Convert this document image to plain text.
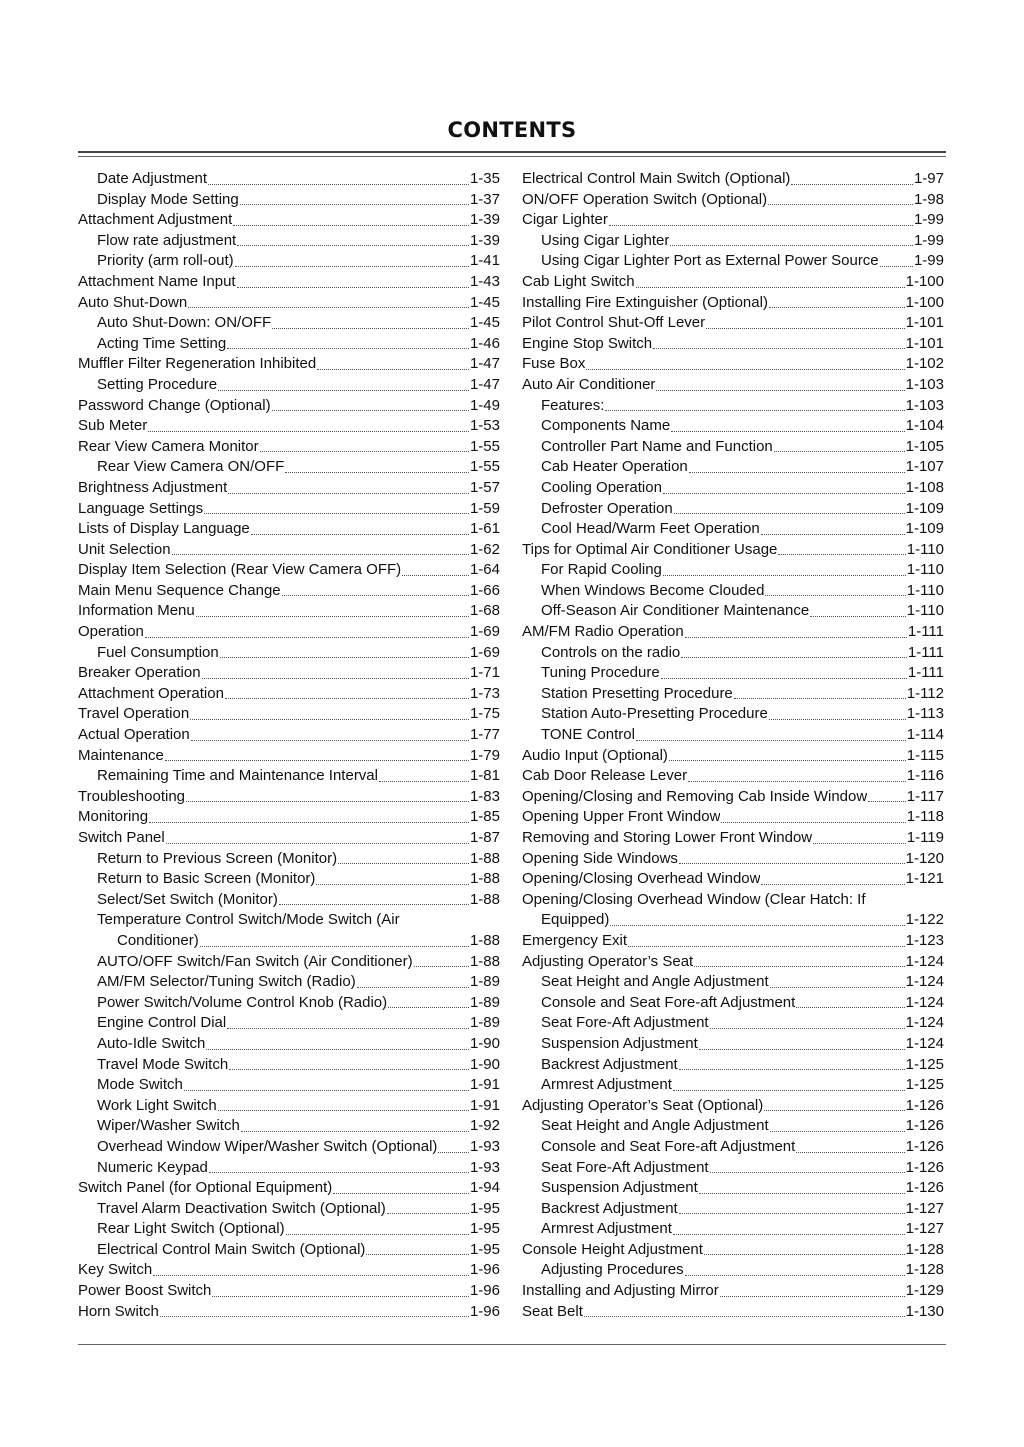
CONTENTS
Date Adjustment	1-35
Display Mode Setting	1-37
Attachment Adjustment	1-39
Flow rate adjustment	1-39
Priority (arm roll-out)	1-41
Attachment Name Input	1-43
Auto Shut-Down	1-45
Auto Shut-Down: ON/OFF	1-45
Acting Time Setting	1-46
Muffler Filter Regeneration Inhibited	1-47
Setting Procedure	1-47
Password Change (Optional)	1-49
Sub Meter	1-53
Rear View Camera Monitor	1-55
Rear View Camera ON/OFF	1-55
Brightness Adjustment	1-57
Language Settings	1-59
Lists of Display Language	1-61
Unit Selection	1-62
Display Item Selection (Rear View Camera OFF)	1-64
Main Menu Sequence Change	1-66
Information Menu	1-68
Operation	1-69
Fuel Consumption	1-69
Breaker Operation	1-71
Attachment Operation	1-73
Travel Operation	1-75
Actual Operation	1-77
Maintenance	1-79
Remaining Time and Maintenance Interval	1-81
Troubleshooting	1-83
Monitoring	1-85
Switch Panel	1-87
Return to Previous Screen (Monitor)	1-88
Return to Basic Screen (Monitor)	1-88
Select/Set Switch (Monitor)	1-88
Temperature Control Switch/Mode Switch (Air
Conditioner)	1-88
AUTO/OFF Switch/Fan Switch (Air Conditioner)	1-88
AM/FM Selector/Tuning Switch (Radio)	1-89
Power Switch/Volume Control Knob (Radio)	1-89
Engine Control Dial	1-89
Auto-Idle Switch	1-90
Travel Mode Switch	1-90
Mode Switch	1-91
Work Light Switch	1-91
Wiper/Washer Switch	1-92
Overhead Window Wiper/Washer Switch (Optional) 1-93
Numeric Keypad	1-93
Switch Panel (for Optional Equipment)	1-94
Travel Alarm Deactivation Switch (Optional)	1-95
Rear Light Switch (Optional)	1-95
Electrical Control Main Switch (Optional)	1-95
Key Switch	1-96
Power Boost Switch	1-96
Horn Switch	1-96
Electrical Control Main Switch (Optional)	1-97
ON/OFF Operation Switch (Optional)	1-98
Cigar Lighter	1-99
Using Cigar Lighter	1-99
Using Cigar Lighter Port as External Power Source 1-99
Cab Light Switch	1-100
Installing Fire Extinguisher (Optional)	1-100
Pilot Control Shut-Off Lever	1-101
Engine Stop Switch	1-101
Fuse Box	1-102
Auto Air Conditioner	1-103
Features:	1-103
Components Name	1-104
Controller Part Name and Function	1-105
Cab Heater Operation	1-107
Cooling Operation	1-108
Defroster Operation	1-109
Cool Head/Warm Feet Operation	1-109
Tips for Optimal Air Conditioner Usage	1-110
For Rapid Cooling	1-110
When Windows Become Clouded	1-110
Off-Season Air Conditioner Maintenance	1-110
AM/FM Radio Operation	1-111
Controls on the radio	1-111
Tuning Procedure	1-111
Station Presetting Procedure	1-112
Station Auto-Presetting Procedure	1-113
TONE Control	1-114
Audio Input (Optional)	1-115
Cab Door Release Lever	1-116
Opening/Closing and Removing Cab Inside Window	1-117
Opening Upper Front Window	1-118
Removing and Storing Lower Front Window	1-119
Opening Side Windows	1-120
Opening/Closing Overhead Window	1-121
Opening/Closing Overhead Window (Clear Hatch: If
Equipped)	1-122
Emergency Exit	1-123
Adjusting Operator’s Seat	1-124
Seat Height and Angle Adjustment	1-124
Console and Seat Fore-aft Adjustment	1-124
Seat Fore-Aft Adjustment	1-124
Suspension Adjustment	1-124
Backrest Adjustment	1-125
Armrest Adjustment	1-125
Adjusting Operator’s Seat (Optional)	1-126
Seat Height and Angle Adjustment	1-126
Console and Seat Fore-aft Adjustment	1-126
Seat Fore-Aft Adjustment	1-126
Suspension Adjustment	1-126
Backrest Adjustment	1-127
Armrest Adjustment	1-127
Console Height Adjustment	1-128
Adjusting Procedures	1-128
Installing and Adjusting Mirror	1-129
Seat Belt	1-130
